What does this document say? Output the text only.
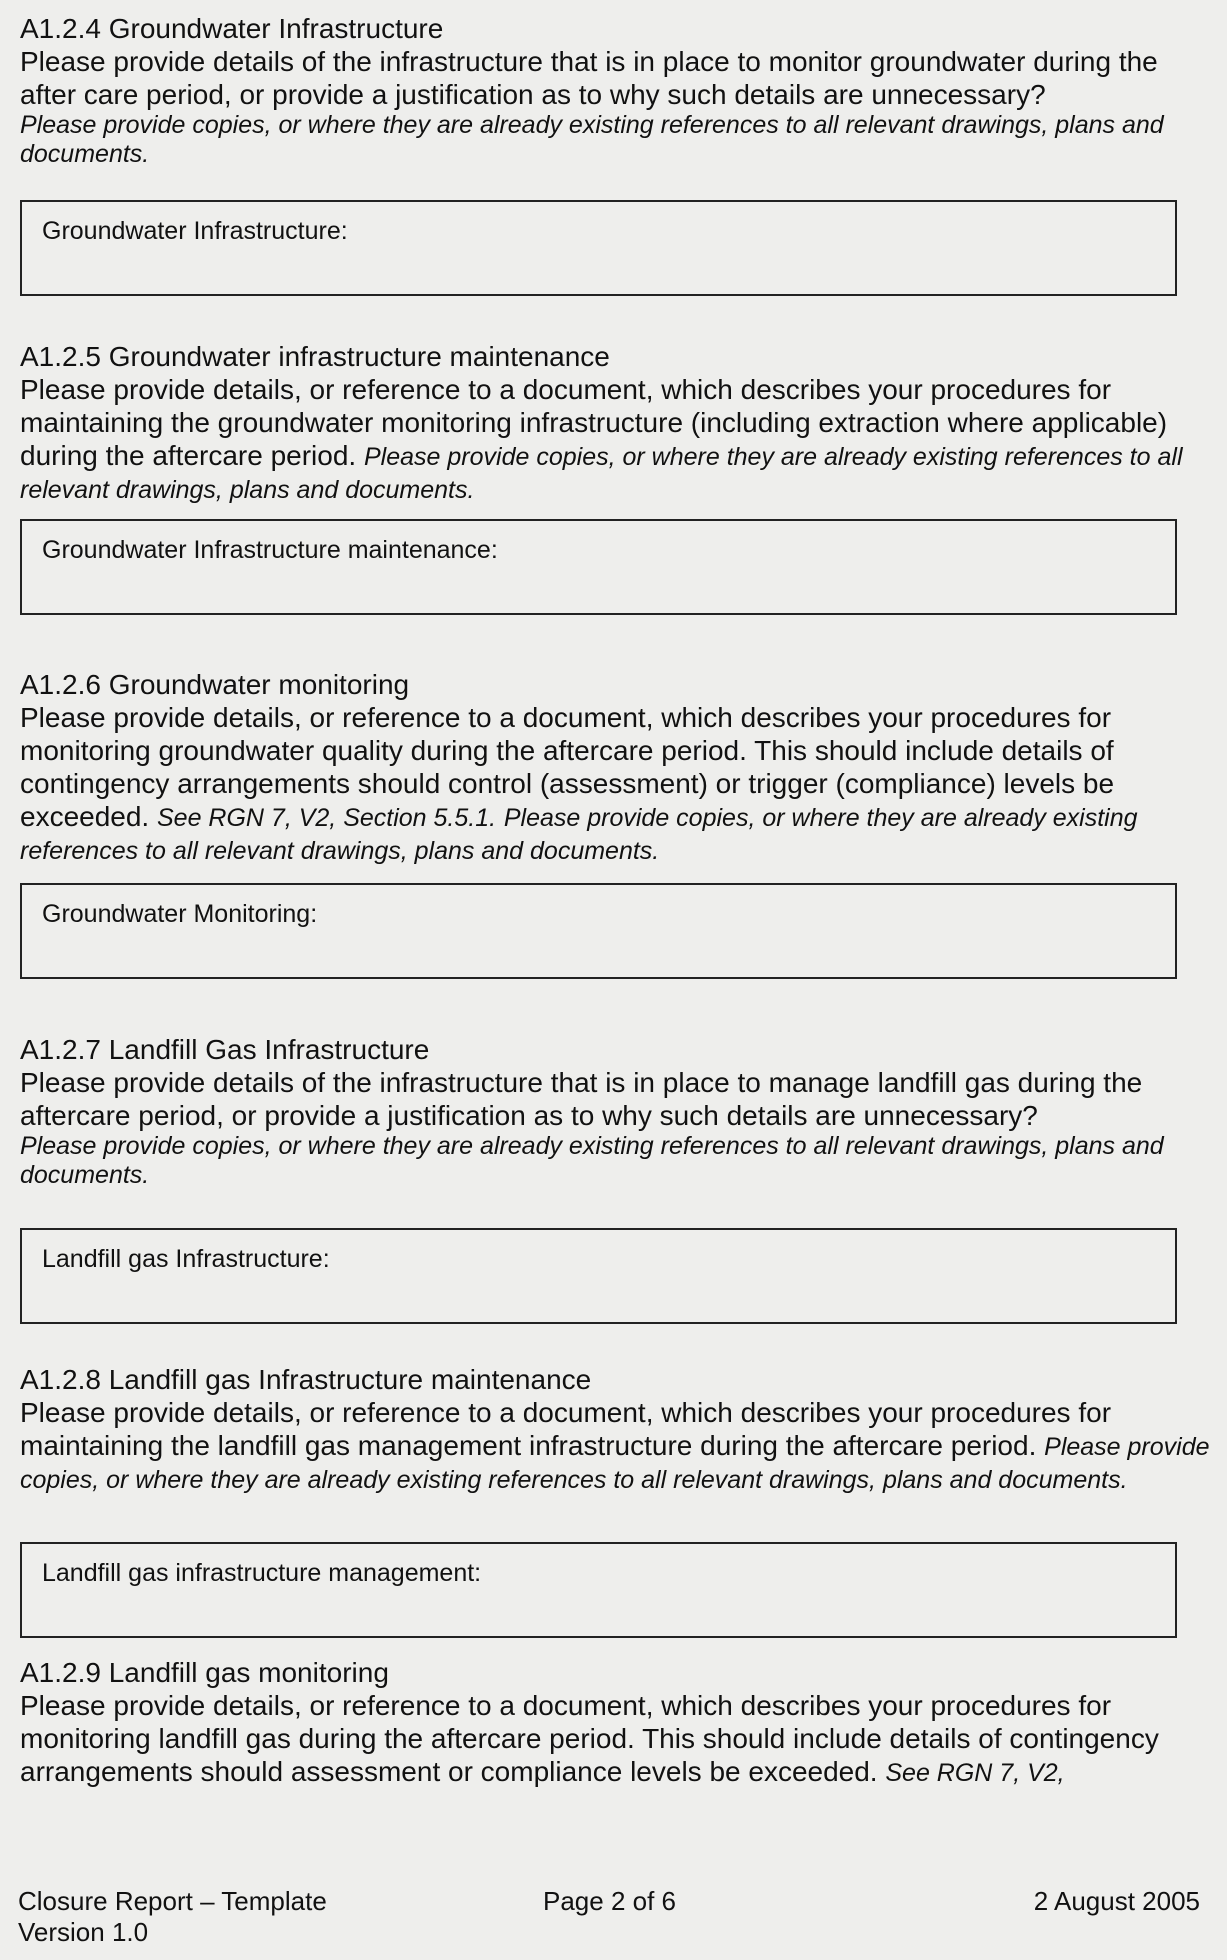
A1.2.4 Groundwater Infrastructure

Please provide details of the infrastructure that is in place to monitor groundwater during the after care period, or provide a justification as to why such details are unnecessary?

Please provide copies, or where they are already existing references to all relevant drawings, plans and documents.

Groundwater Infrastructure:

A1.2.5 Groundwater infrastructure maintenance

Please provide details, or reference to a document, which describes your procedures for maintaining the groundwater monitoring infrastructure (including extraction where applicable) during the aftercare period. Please provide copies, or where they are already existing references to all relevant drawings, plans and documents.

Groundwater Infrastructure maintenance:

A1.2.6 Groundwater monitoring

Please provide details, or reference to a document, which describes your procedures for monitoring groundwater quality during the aftercare period. This should include details of contingency arrangements should control (assessment) or trigger (compliance) levels be exceeded. See RGN 7, V2, Section 5.5.1. Please provide copies, or where they are already existing references to all relevant drawings, plans and documents.

Groundwater Monitoring:

A1.2.7 Landfill Gas Infrastructure

Please provide details of the infrastructure that is in place to manage landfill gas during the aftercare period, or provide a justification as to why such details are unnecessary?

Please provide copies, or where they are already existing references to all relevant drawings, plans and documents.

Landfill gas Infrastructure:

A1.2.8 Landfill gas Infrastructure maintenance

Please provide details, or reference to a document, which describes your procedures for maintaining the landfill gas management infrastructure during the aftercare period. Please provide copies, or where they are already existing references to all relevant drawings, plans and documents.

Landfill gas infrastructure management:

A1.2.9 Landfill gas monitoring

Please provide details, or reference to a document, which describes your procedures for monitoring landfill gas during the aftercare period. This should include details of contingency arrangements should assessment or compliance levels be exceeded. See RGN 7, V2,

Closure Report – Template
Version 1.0
Page 2 of 6	2 August 2005
